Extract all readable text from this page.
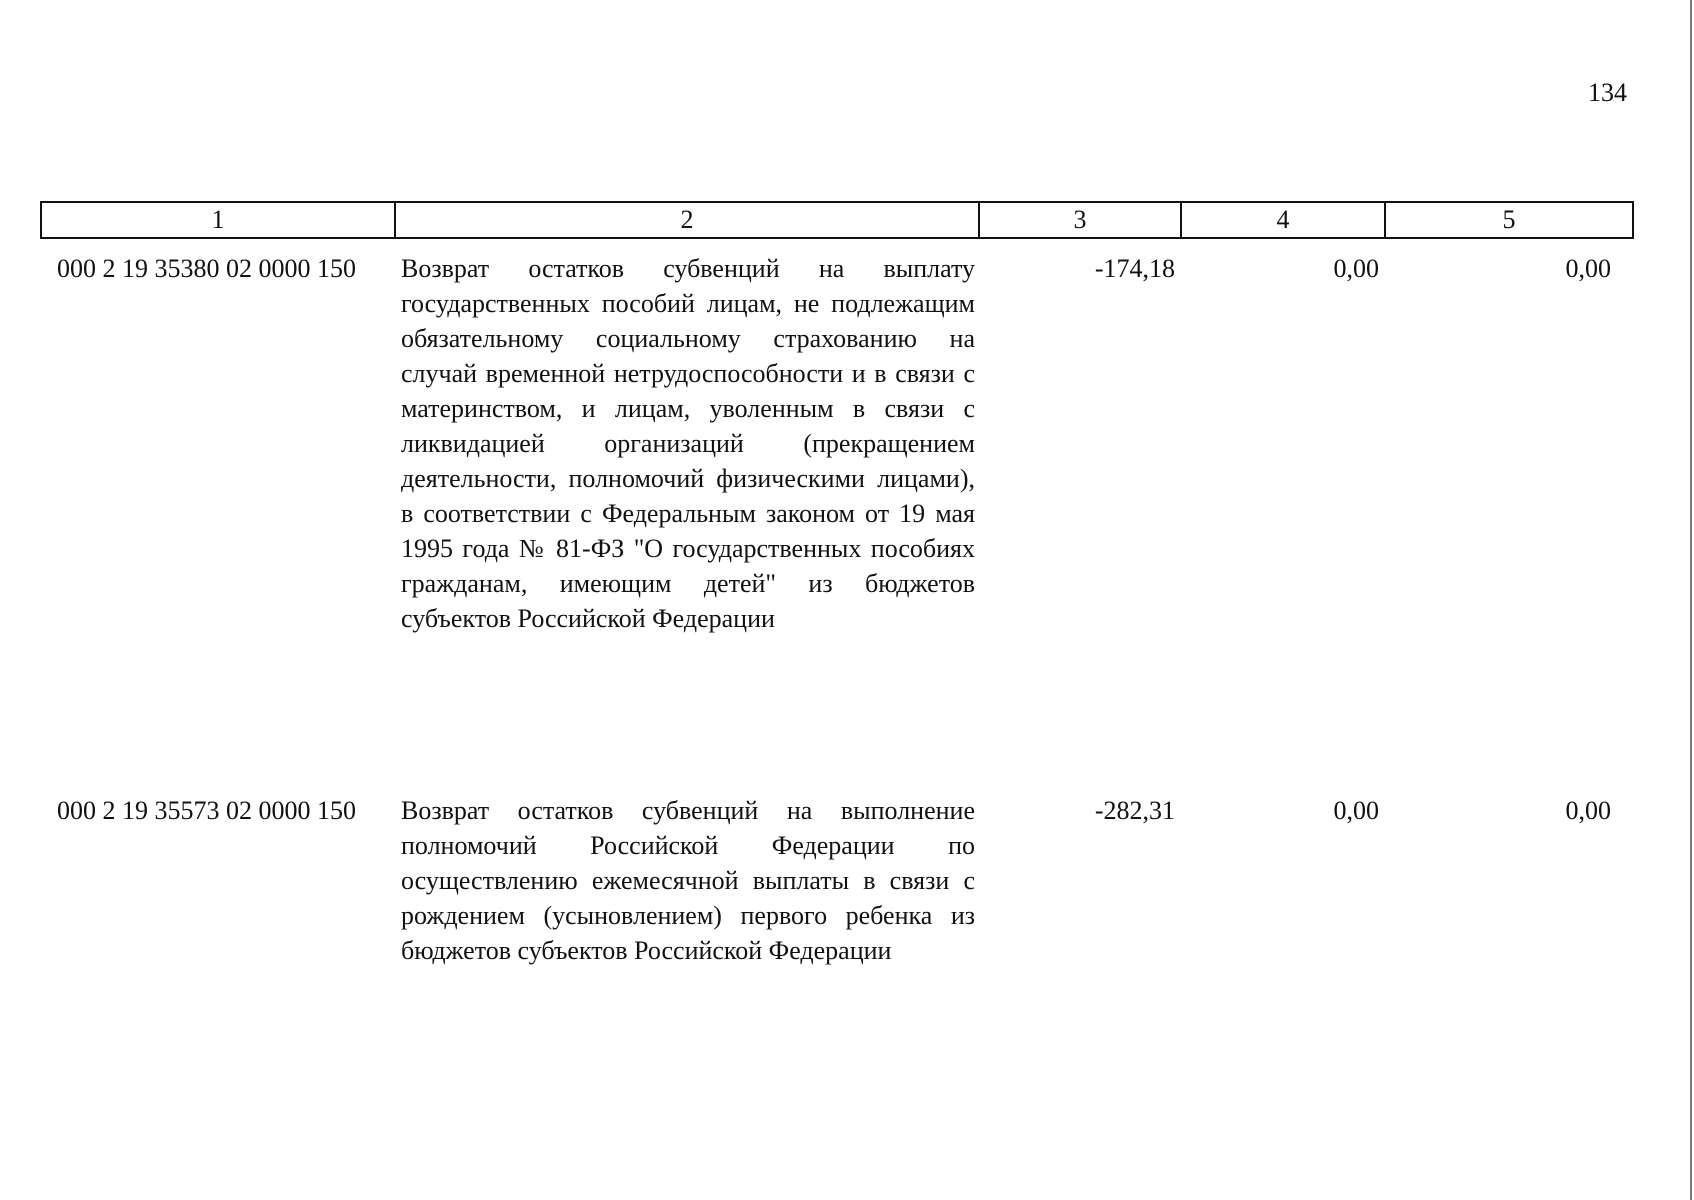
134
1	2	3	4	5
000 2 19 35380 02 0000 150	Возврат остатков субвенций на выплату государственных пособий лицам, не подлежащим обязательному социальному страхованию на случай временной нетрудоспособности и в связи с материнством, и лицам, уволенным в связи с ликвидацией организаций (прекращением деятельности, полномочий физическими лицами), в соответствии с Федеральным законом от 19 мая 1995 года № 81-ФЗ "О государственных пособиях гражданам, имеющим детей" из бюджетов субъектов Российской Федерации	-174,18	0,00	0,00
000 2 19 35573 02 0000 150	Возврат остатков субвенций на выполнение полномочий Российской Федерации по осуществлению ежемесячной выплаты в связи с рождением (усыновлением) первого ребенка из бюджетов субъектов Российской Федерации	-282,31	0,00	0,00
